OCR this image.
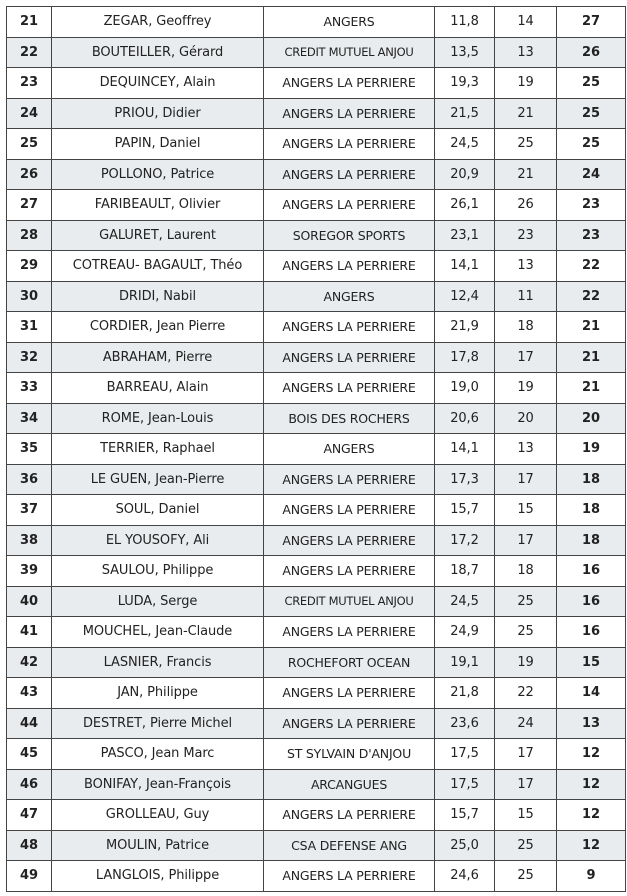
21	ZEGAR, Geoffrey	ANGERS	11,8	14	27
22	BOUTEILLER, Gérard	CREDIT MUTUEL ANJOU	13,5	13	26
23	DEQUINCEY, Alain	ANGERS LA PERRIERE	19,3	19	25
24	PRIOU, Didier	ANGERS LA PERRIERE	21,5	21	25
25	PAPIN, Daniel	ANGERS LA PERRIERE	24,5	25	25
26	POLLONO, Patrice	ANGERS LA PERRIERE	20,9	21	24
27	FARIBEAULT, Olivier	ANGERS LA PERRIERE	26,1	26	23
28	GALURET, Laurent	SOREGOR SPORTS	23,1	23	23
29	COTREAU- BAGAULT, Théo	ANGERS LA PERRIERE	14,1	13	22
30	DRIDI, Nabil	ANGERS	12,4	11	22
31	CORDIER, Jean Pierre	ANGERS LA PERRIERE	21,9	18	21
32	ABRAHAM, Pierre	ANGERS LA PERRIERE	17,8	17	21
33	BARREAU, Alain	ANGERS LA PERRIERE	19,0	19	21
34	ROME, Jean-Louis	BOIS DES ROCHERS	20,6	20	20
35	TERRIER, Raphael	ANGERS	14,1	13	19
36	LE GUEN, Jean-Pierre	ANGERS LA PERRIERE	17,3	17	18
37	SOUL, Daniel	ANGERS LA PERRIERE	15,7	15	18
38	EL YOUSOFY, Ali	ANGERS LA PERRIERE	17,2	17	18
39	SAULOU, Philippe	ANGERS LA PERRIERE	18,7	18	16
40	LUDA, Serge	CREDIT MUTUEL ANJOU	24,5	25	16
41	MOUCHEL, Jean-Claude	ANGERS LA PERRIERE	24,9	25	16
42	LASNIER, Francis	ROCHEFORT OCEAN	19,1	19	15
43	JAN, Philippe	ANGERS LA PERRIERE	21,8	22	14
44	DESTRET, Pierre Michel	ANGERS LA PERRIERE	23,6	24	13
45	PASCO, Jean Marc	ST SYLVAIN D'ANJOU	17,5	17	12
46	BONIFAY, Jean-François	ARCANGUES	17,5	17	12
47	GROLLEAU, Guy	ANGERS LA PERRIERE	15,7	15	12
48	MOULIN, Patrice	CSA DEFENSE ANG	25,0	25	12
49	LANGLOIS, Philippe	ANGERS LA PERRIERE	24,6	25	9
